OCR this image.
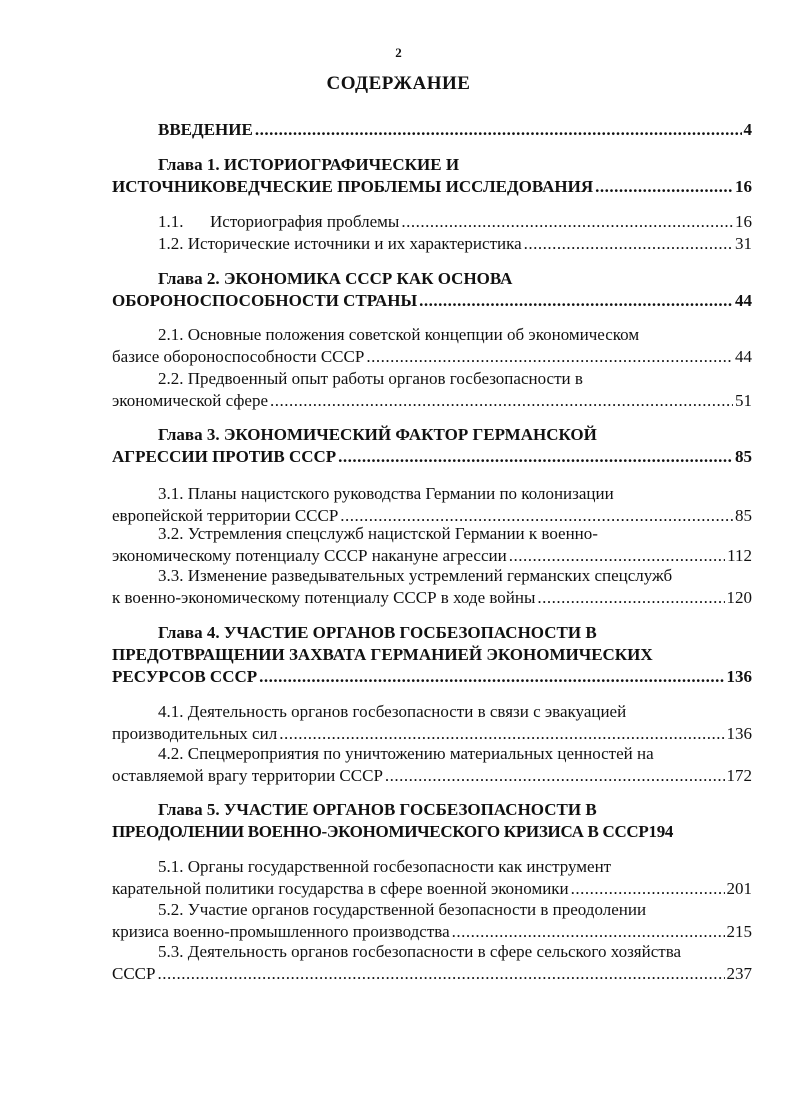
2
СОДЕРЖАНИЕ
ВВЕДЕНИЕ .....	4
Глава 1. ИСТОРИОГРАФИЧЕСКИЕ И
ИСТОЧНИКОВЕДЧЕСКИЕ ПРОБЛЕМЫ ИССЛЕДОВАНИЯ .....	16
1.1. Историография проблемы .....	16
1.2. Исторические источники и их характеристика .....	31
Глава 2. ЭКОНОМИКА СССР КАК ОСНОВА
ОБОРОНОСПОСОБНОСТИ СТРАНЫ .....	44
2.1. Основные положения советской концепции об экономическом
базисе обороноспособности СССР .....	44
2.2. Предвоенный опыт работы органов госбезопасности в
экономической сфере .....	51
Глава 3. ЭКОНОМИЧЕСКИЙ ФАКТОР ГЕРМАНСКОЙ
АГРЕССИИ ПРОТИВ СССР .....	85
3.1. Планы нацистского руководства Германии по колонизации
европейской территории СССР .....	85
3.2. Устремления спецслужб нацистской Германии к военно-
экономическому потенциалу СССР накануне агрессии .....	112
3.3. Изменение разведывательных устремлений германских спецслужб
к военно-экономическому потенциалу СССР в ходе войны .....	120
Глава 4. УЧАСТИЕ ОРГАНОВ ГОСБЕЗОПАСНОСТИ В
ПРЕДОТВРАЩЕНИИ ЗАХВАТА ГЕРМАНИЕЙ ЭКОНОМИЧЕСКИХ
РЕСУРСОВ СССР .....	136
4.1. Деятельность органов госбезопасности в связи с эвакуацией
производительных сил .....	136
4.2. Спецмероприятия по уничтожению материальных ценностей на
оставляемой врагу территории СССР .....	172
Глава 5. УЧАСТИЕ ОРГАНОВ ГОСБЕЗОПАСНОСТИ В
ПРЕОДОЛЕНИИ ВОЕННО-ЭКОНОМИЧЕСКОГО КРИЗИСА В СССР194
5.1. Органы государственной госбезопасности как инструмент
карательной политики государства в сфере военной экономики .....	201
5.2. Участие органов государственной безопасности в преодолении
кризиса военно-промышленного производства .....	215
5.3. Деятельность органов госбезопасности в сфере сельского хозяйства
СССР .....	237
